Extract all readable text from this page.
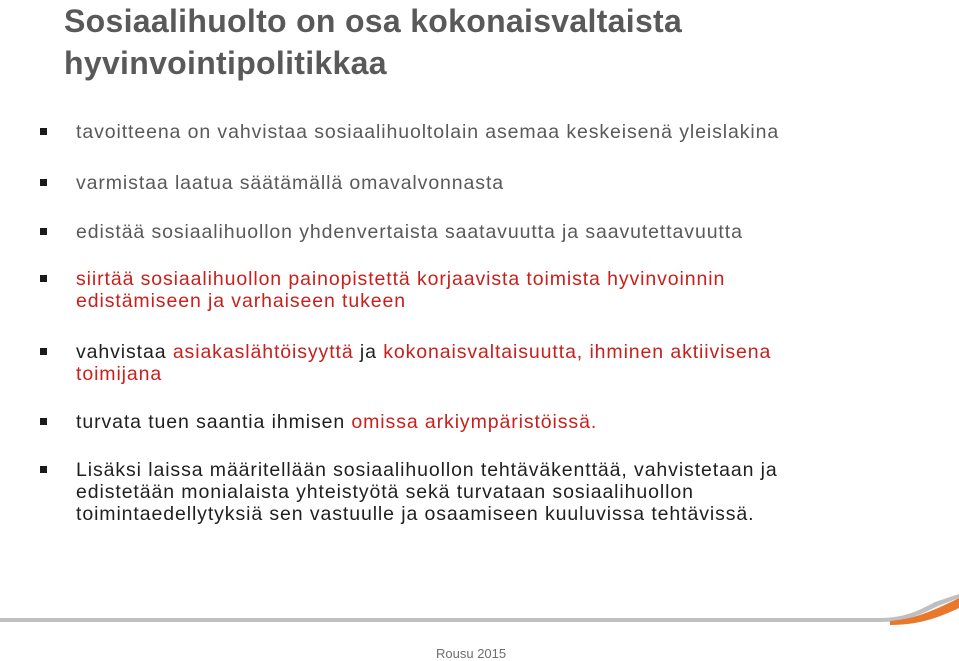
Sosiaalihuolto on osa kokonaisvaltaista
hyvinvointipolitikkaa
tavoitteena on vahvistaa sosiaalihuoltolain asemaa keskeisenä yleislakina
varmistaa laatua säätämällä omavalvonnasta
edistää sosiaalihuollon yhdenvertaista saatavuutta ja saavutettavuutta
siirtää sosiaalihuollon painopistettä korjaavista toimista hyvinvoinnin
edistämiseen ja varhaiseen tukeen
vahvistaa asiakaslähtöisyyttä ja kokonaisvaltaisuutta, ihminen aktiivisena
toimijana
turvata tuen saantia ihmisen omissa arkiympäristöissä.
Lisäksi laissa määritellään sosiaalihuollon tehtäväkenttää, vahvistetaan ja
edistetään monialaista yhteistyötä sekä turvataan sosiaalihuollon
toimintaedellytyksiä sen vastuulle ja osaamiseen kuuluvissa tehtävissä.
Rousu 2015
